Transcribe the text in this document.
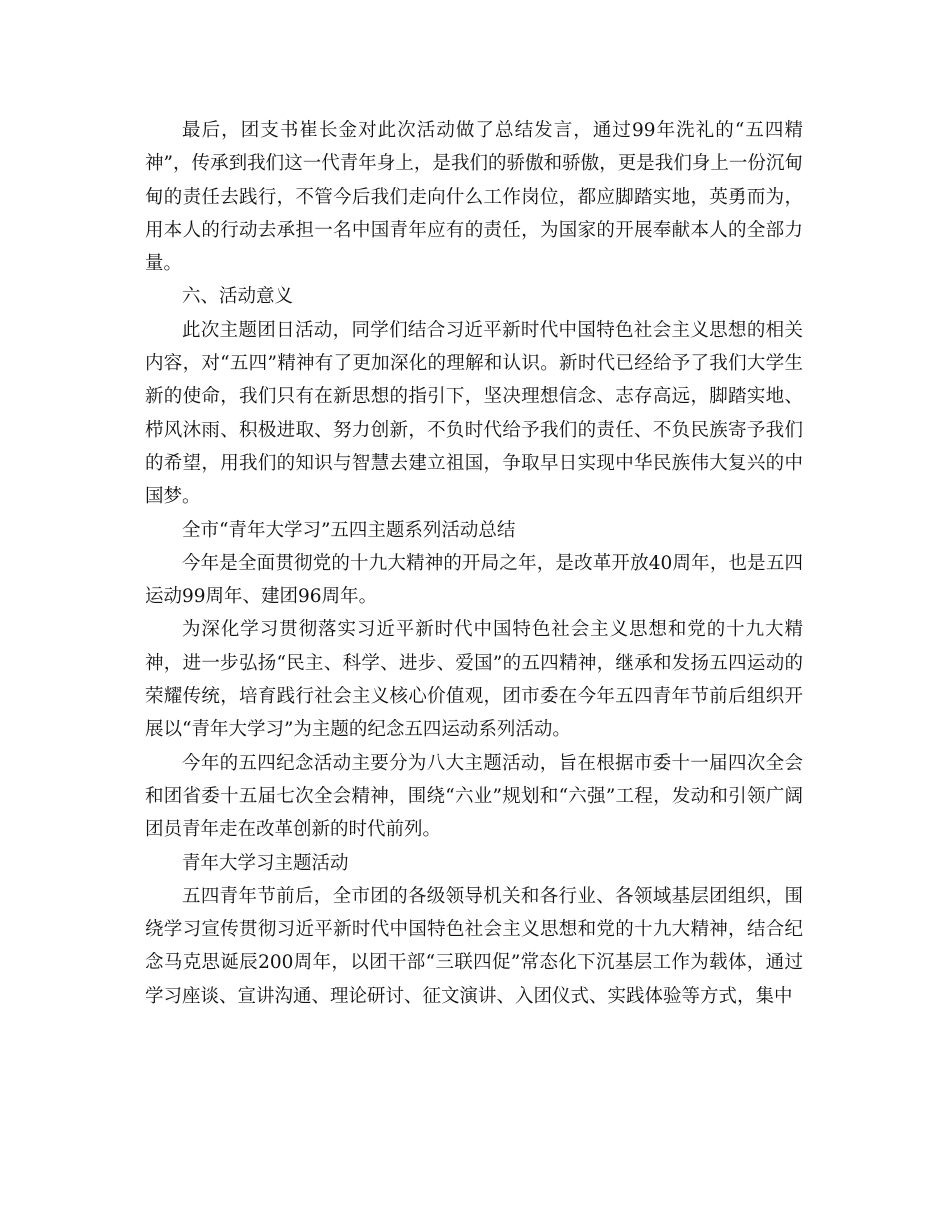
最后，团支书崔长金对此次活动做了总结发言，通过99年洗礼的“五四精神”，传承到我们这一代青年身上，是我们的骄傲和骄傲，更是我们身上一份沉甸甸的责任去践行，不管今后我们走向什么工作岗位，都应脚踏实地，英勇而为，用本人的行动去承担一名中国青年应有的责任，为国家的开展奉献本人的全部力量。

六、活动意义

此次主题团日活动，同学们结合习近平新时代中国特色社会主义思想的相关内容，对“五四”精神有了更加深化的理解和认识。新时代已经给予了我们大学生新的使命，我们只有在新思想的指引下，坚决理想信念、志存高远，脚踏实地、栉风沐雨、积极进取、努力创新，不负时代给予我们的责任、不负民族寄予我们的希望，用我们的知识与智慧去建立祖国，争取早日实现中华民族伟大复兴的中国梦。

全市“青年大学习”五四主题系列活动总结

今年是全面贯彻党的十九大精神的开局之年，是改革开放40周年，也是五四运动99周年、建团96周年。

为深化学习贯彻落实习近平新时代中国特色社会主义思想和党的十九大精神，进一步弘扬“民主、科学、进步、爱国”的五四精神，继承和发扬五四运动的荣耀传统，培育践行社会主义核心价值观，团市委在今年五四青年节前后组织开展以“青年大学习”为主题的纪念五四运动系列活动。

今年的五四纪念活动主要分为八大主题活动，旨在根据市委十一届四次全会和团省委十五届七次全会精神，围绕“六业”规划和“六强”工程，发动和引领广阔团员青年走在改革创新的时代前列。

青年大学习主题活动

五四青年节前后，全市团的各级领导机关和各行业、各领域基层团组织，围绕学习宣传贯彻习近平新时代中国特色社会主义思想和党的十九大精神，结合纪念马克思诞辰200周年，以团干部“三联四促”常态化下沉基层工作为载体，通过学习座谈、宣讲沟通、理论研讨、征文演讲、入团仪式、实践体验等方式，集中
